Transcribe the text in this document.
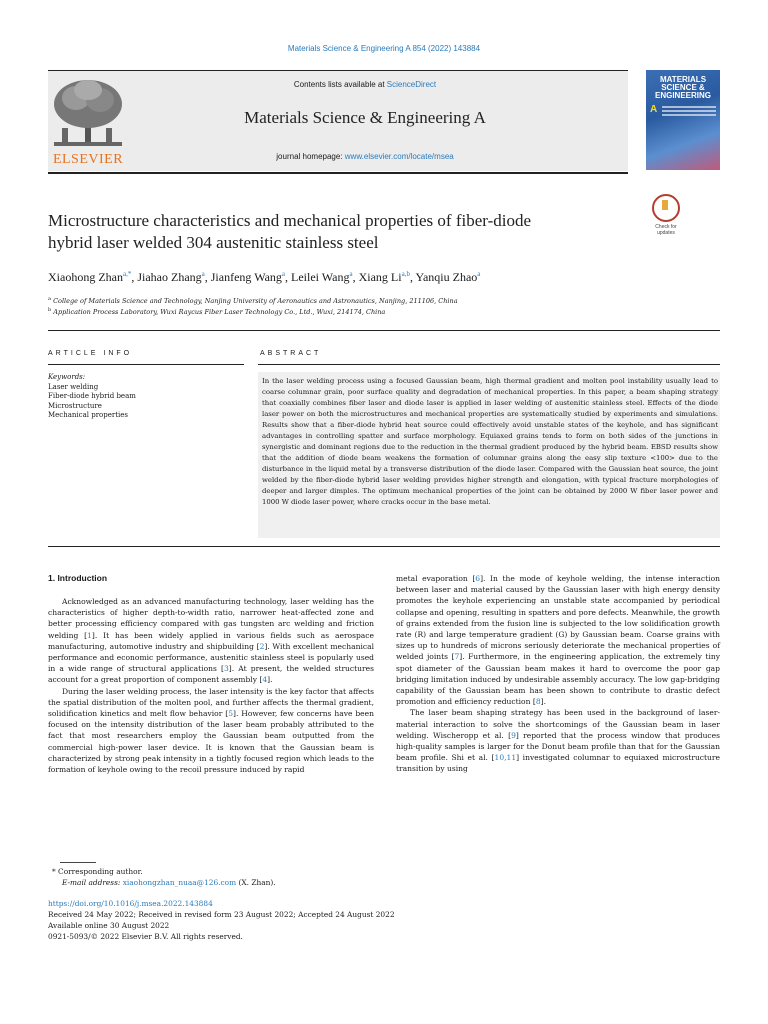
Materials Science & Engineering A 854 (2022) 143884
ELSEVIER
Contents lists available at ScienceDirect
Materials Science & Engineering A
journal homepage: www.elsevier.com/locate/msea
MATERIALS SCIENCE & ENGINEERING
A
Microstructure characteristics and mechanical properties of fiber-diode
hybrid laser welded 304 austenitic stainless steel
Check for
updates
Xiaohong Zhan$^{a,*}$, Jiahao Zhang$^a$, Jianfeng Wang$^a$, Leilei Wang$^a$, Xiang Li$^{a,b}$, Yanqiu Zhao$^a$
$^a$ College of Materials Science and Technology, Nanjing University of Aeronautics and Astronautics, Nanjing, 211106, China
$^b$ Application Process Laboratory, Wuxi Raycus Fiber Laser Technology Co., Ltd., Wuxi, 214174, China
ARTICLE INFO	ABSTRACT
Keywords:
Laser welding
Fiber-diode hybrid beam
Microstructure
Mechanical properties
In the laser welding process using a focused Gaussian beam, high thermal gradient and molten pool instability usually lead to coarse columnar grain, poor surface quality and degradation of mechanical properties. In this paper, a beam shaping strategy that coaxially combines fiber laser and diode laser is applied in laser welding of austenitic stainless steel. Effects of the diode laser power on both the microstructures and mechanical properties are systematically studied by experiments and simulations. Results show that a fiber-diode hybrid heat source could effectively avoid unstable states of the keyhole, and has significant advantages in controlling spatter and surface morphology. Equiaxed grains tends to form on both sides of the junctions in synergistic and dominant regions due to the reduction in the thermal gradient produced by the hybrid beam. EBSD results show that the addition of diode beam weakens the formation of columnar grains along the easy slip texture <100> due to the disturbance in the liquid metal by a transverse distribution of the diode laser. Compared with the Gaussian heat source, the joint welded by the fiber-diode hybrid laser welding provides higher strength and elongation, with typical fracture morphologies of deeper and larger dimples. The optimum mechanical properties of the joint can be obtained by 2000 W fiber laser power and 1000 W diode laser power, where cracks occur in the base metal.
1. Introduction

Acknowledged as an advanced manufacturing technology, laser welding has the characteristics of higher depth-to-width ratio, narrower heat-affected zone and better processing efficiency compared with gas tungsten arc welding and friction welding [1]. It has been widely applied in various fields such as aerospace manufacturing, automotive industry and shipbuilding [2]. With excellent mechanical performance and economic performance, austenitic stainless steel is popularly used in a wide range of structural applications [3]. At present, the welded structures account for a great proportion of component assembly [4].

During the laser welding process, the laser intensity is the key factor that affects the spatial distribution of the molten pool, and further affects the thermal gradient, solidification kinetics and melt flow behavior [5]. However, few concerns have been focused on the intensity distribution of the laser beam probably attributed to the fact that most researchers employ the Gaussian beam outputted from the commercial high-power laser device. It is known that the Gaussian beam is characterized by strong peak intensity in a tightly focused region which leads to the formation of keyhole owing to the recoil pressure induced by rapid

metal evaporation [6]. In the mode of keyhole welding, the intense interaction between laser and material caused by the Gaussian laser with high energy density promotes the keyhole experiencing an unstable state accompanied by periodical collapse and opening, resulting in spatters and pore defects. Meanwhile, the growth of grains extended from the fusion line is subjected to the low solidification growth rate (R) and large temperature gradient (G) by Gaussian beam. Coarse grains with sizes up to hundreds of microns seriously deteriorate the mechanical properties of welded joints [7]. Furthermore, in the engineering application, the extremely tiny spot diameter of the Gaussian beam makes it hard to overcome the poor gap bridging limitation induced by undesirable assembly accuracy. The low gap-bridging capability of the Gaussian beam has been shown to contribute to drastic defect promotion and efficiency reduction [8].

The laser beam shaping strategy has been used in the background of laser-material interaction to solve the shortcomings of the Gaussian beam in laser welding. Wischeropp et al. [9] reported that the process window that produces high-quality samples is larger for the Donut beam profile than that for the Gaussian beam profile. Shi et al. [10,11] investigated columnar to equiaxed microstructure transition by using

* Corresponding author.
E-mail address: xiaohongzhan_nuaa@126.com (X. Zhan).
https://doi.org/10.1016/j.msea.2022.143884
Received 24 May 2022; Received in revised form 23 August 2022; Accepted 24 August 2022
Available online 30 August 2022
0921-5093/© 2022 Elsevier B.V. All rights reserved.
